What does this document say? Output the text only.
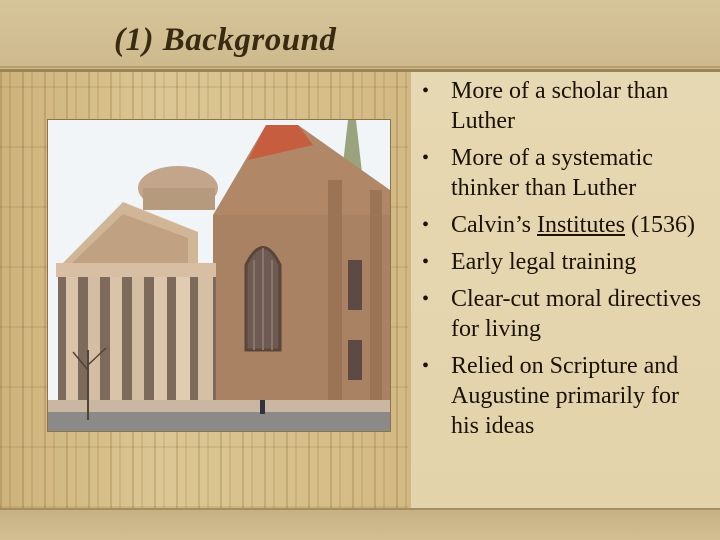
(1) Background
• More of a scholar than Luther
• More of a systematic thinker than Luther
• Calvin’s Institutes (1536)
• Early legal training
• Clear-cut moral directives for living
• Relied on Scripture and Augustine primarily for his ideas
